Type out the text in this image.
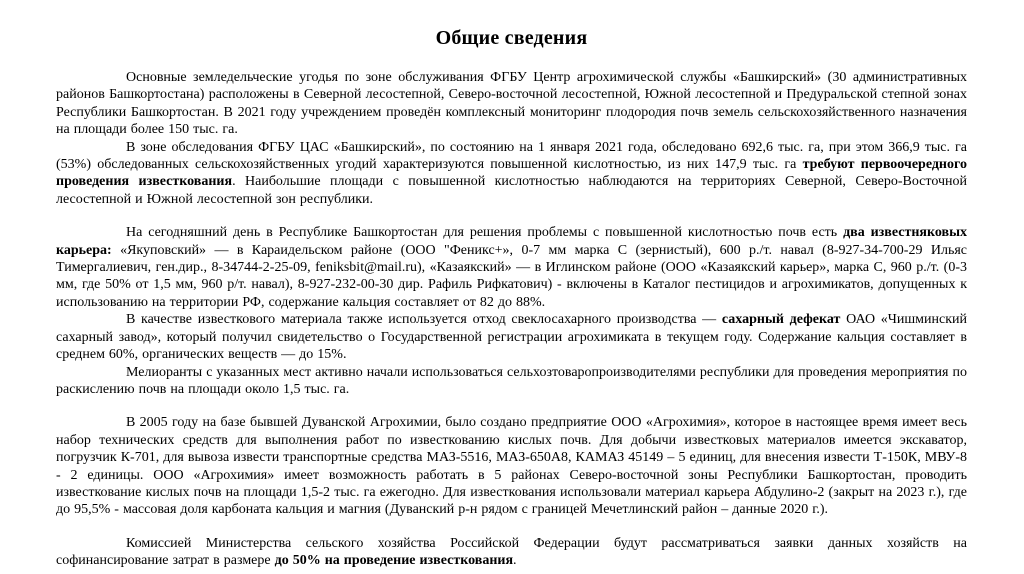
Общие сведения

Основные земледельческие угодья по зоне обслуживания ФГБУ Центр агрохимической службы «Башкирский» (30 административных районов Башкортостана) расположены в Северной лесостепной, Северо-восточной лесостепной, Южной лесостепной и Предуральской степной зонах Республики Башкортостан. В 2021 году учреждением проведён комплексный мониторинг плодородия почв земель сельскохозяйственного назначения на площади более 150 тыс. га.

В зоне обследования ФГБУ ЦАС «Башкирский», по состоянию на 1 января 2021 года, обследовано 692,6 тыс. га, при этом 366,9 тыс. га (53%) обследованных сельскохозяйственных угодий характеризуются повышенной кислотностью, из них 147,9 тыс. га требуют первоочередного проведения известкования. Наибольшие площади с повышенной кислотностью наблюдаются на территориях Северной, Северо-Восточной лесостепной и Южной лесостепной зон республики.

На сегодняшний день в Республике Башкортостан для решения проблемы с повышенной кислотностью почв есть два известняковых карьера: «Якуповский» — в Караидельском районе (ООО "Феникс+», 0-7 мм марка С (зернистый), 600 р./т. навал (8-927-34-700-29 Ильяс Тимергалиевич, ген.дир., 8-34744-2-25-09, feniksbit@mail.ru), «Казаякский» — в Иглинском районе (ООО «Казаякский карьер», марка С, 960 р./т. (0-3 мм, где 50% от 1,5 мм, 960 р/т. навал), 8-927-232-00-30 дир. Рафиль Рифкатович) - включены в Каталог пестицидов и агрохимикатов, допущенных к использованию на территории РФ, содержание кальция составляет от 82 до 88%.

В качестве известкового материала также используется отход свеклосахарного производства — сахарный дефекат ОАО «Чишминский сахарный завод», который получил свидетельство о Государственной регистрации агрохимиката в текущем году. Содержание кальция составляет в среднем 60%, органических веществ — до 15%.

Мелиоранты с указанных мест активно начали использоваться сельхозтоваропроизводителями республики для проведения мероприятия по раскислению почв на площади около 1,5 тыс. га.

В 2005 году на базе бывшей Дуванской Агрохимии, было создано предприятие ООО «Агрохимия», которое в настоящее время имеет весь набор технических средств для выполнения работ по известкованию кислых почв. Для добычи известковых материалов имеется экскаватор, погрузчик К-701, для вывоза извести транспортные средства МАЗ-5516, МАЗ-650А8, КАМАЗ 45149 – 5 единиц, для внесения извести Т-150К, МВУ-8 - 2 единицы. ООО «Агрохимия» имеет возможность работать в 5 районах Северо-восточной зоны Республики Башкортостан, проводить известкование кислых почв на площади 1,5-2 тыс. га ежегодно. Для известкования использовали материал карьера Абдулино-2 (закрыт на 2023 г.), где до 95,5% - массовая доля карбоната кальция и магния (Дуванский р-н рядом с границей Мечетлинский район – данные 2020 г.).

Комиссией Министерства сельского хозяйства Российской Федерации будут рассматриваться заявки данных хозяйств на софинансирование затрат в размере до 50% на проведение известкования.
